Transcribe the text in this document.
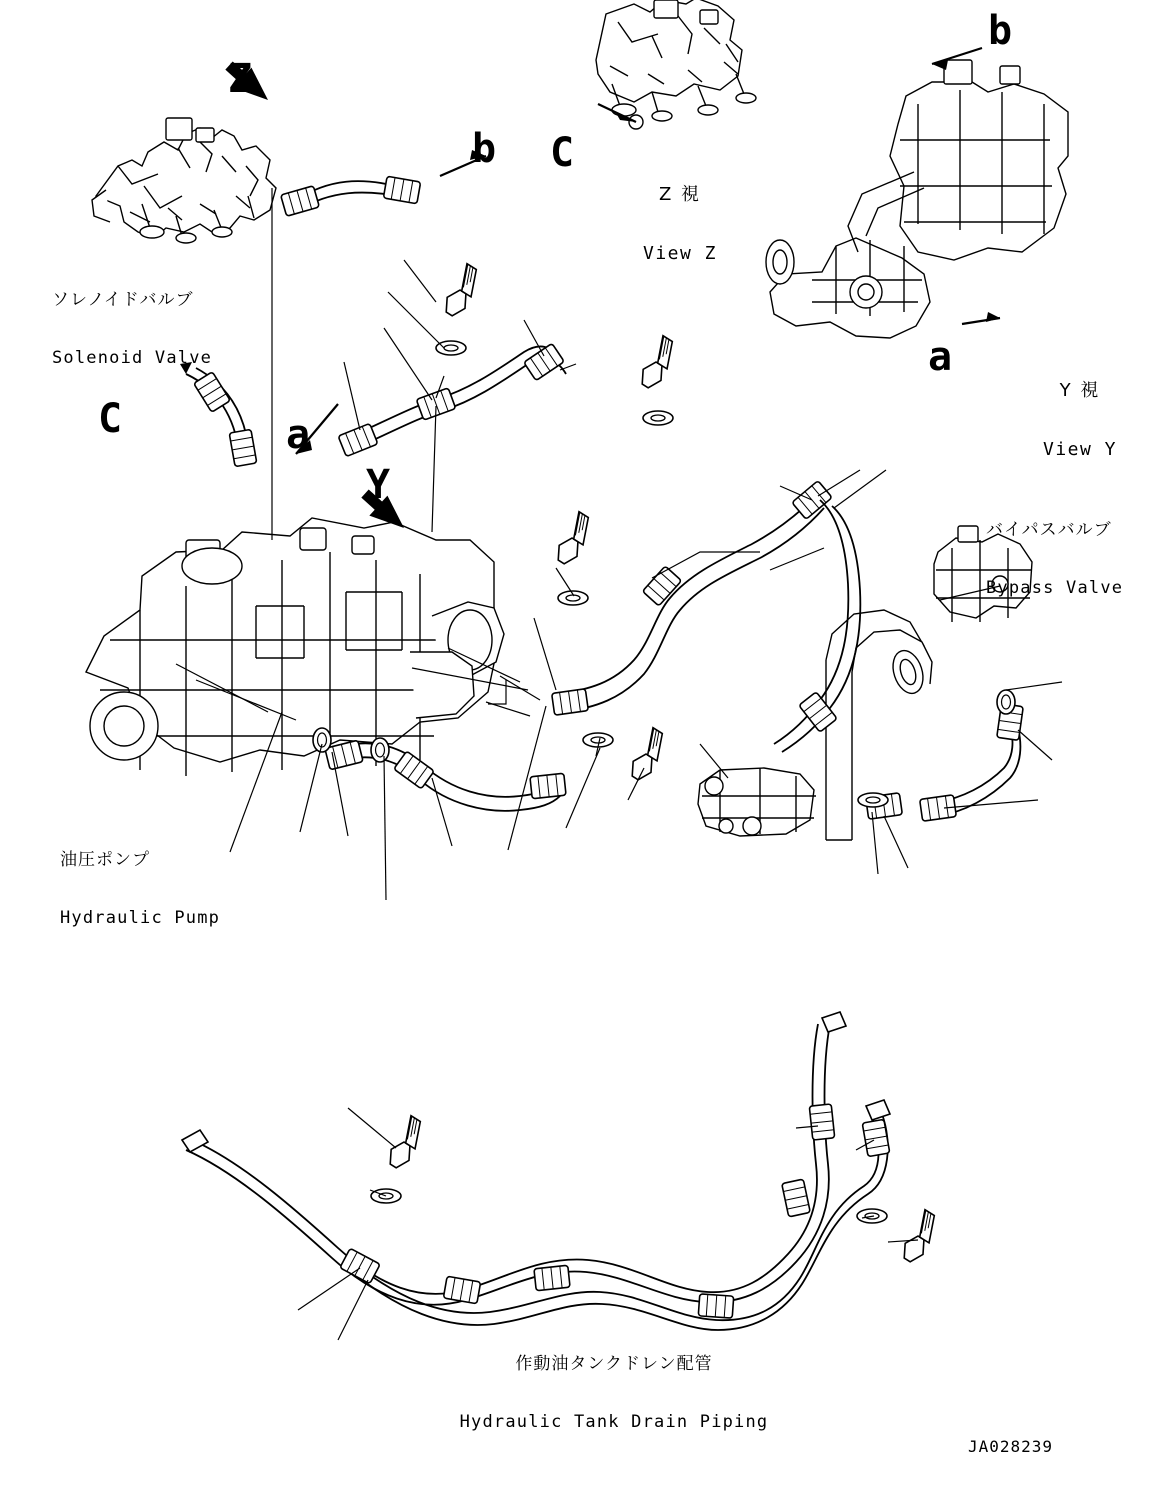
Z
b
b
C
C	a
a
Y

Z 視

View Z

Y 視

View Y

ソレノイドバルブ

Solenoid Valve

油圧ポンプ

Hydraulic Pump

バイパスバルブ

Bypass Valve

作動油タンクドレン配管

Hydraulic Tank Drain Piping

JA028239
